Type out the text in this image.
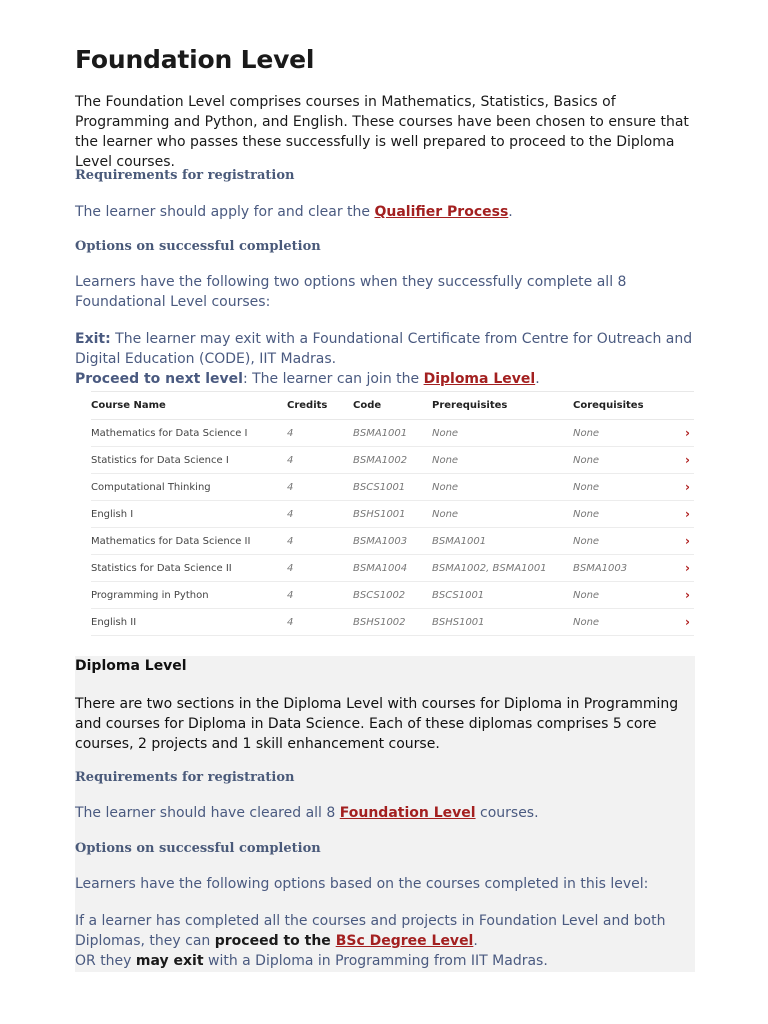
Foundation Level
The Foundation Level comprises courses in Mathematics, Statistics, Basics of Programming and Python, and English. These courses have been chosen to ensure that the learner who passes these successfully is well prepared to proceed to the Diploma Level courses.
Requirements for registration
The learner should apply for and clear the Qualifier Process.
Options on successful completion
Learners have the following two options when they successfully complete all 8 Foundational Level courses:
Exit: The learner may exit with a Foundational Certificate from Centre for Outreach and Digital Education (CODE), IIT Madras.
Proceed to next level: The learner can join the Diploma Level.
Course Name	Credits	Code	Prerequisites	Corequisites	
Mathematics for Data Science I	4	BSMA1001	None	None	›
Statistics for Data Science I	4	BSMA1002	None	None	›
Computational Thinking	4	BSCS1001	None	None	›
English I	4	BSHS1001	None	None	›
Mathematics for Data Science II	4	BSMA1003	BSMA1001	None	›
Statistics for Data Science II	4	BSMA1004	BSMA1002, BSMA1001	BSMA1003	›
Programming in Python	4	BSCS1002	BSCS1001	None	›
English II	4	BSHS1002	BSHS1001	None	›
Diploma Level
There are two sections in the Diploma Level with courses for Diploma in Programming and courses for Diploma in Data Science. Each of these diplomas comprises 5 core courses, 2 projects and 1 skill enhancement course.
Requirements for registration
The learner should have cleared all 8 Foundation Level courses.
Options on successful completion
Learners have the following options based on the courses completed in this level:
If a learner has completed all the courses and projects in Foundation Level and both Diplomas, they can proceed to the BSc Degree Level.
OR they may exit with a Diploma in Programming from IIT Madras.
